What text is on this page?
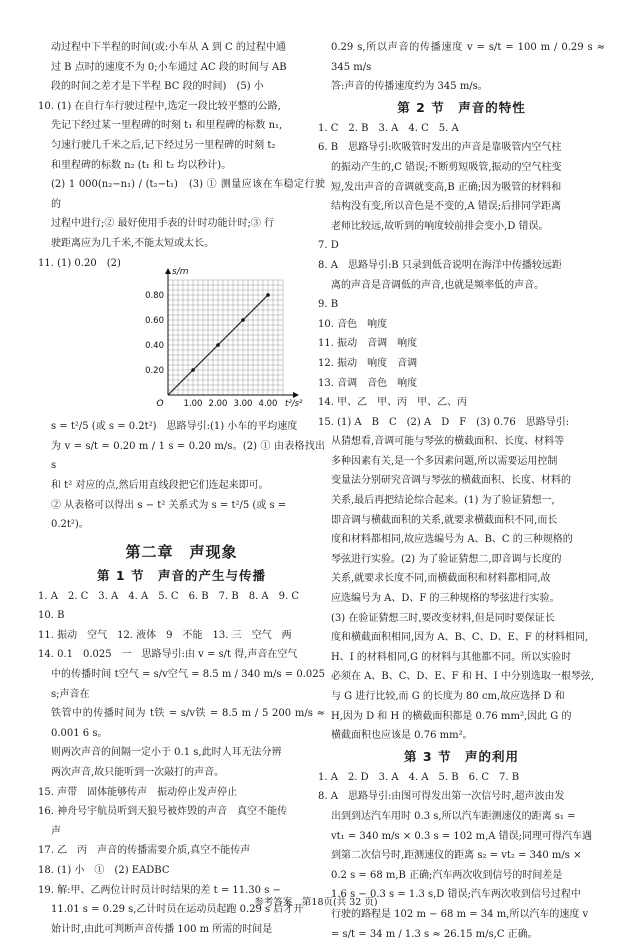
动过程中下半程的时间(或:小车从 A 到 C 的过程中通

过 B 点时的速度不为 0;小车通过 AC 段的时间与 AB

段的时间之差才是下半程 BC 段的时间)　(5) 小

10. (1) 在自行车行驶过程中,选定一段比较平整的公路,

先记下经过某一里程碑的时刻 t₁ 和里程碑的标数 n₁,

匀速行驶几千米之后,记下经过另一里程碑的时刻 t₂

和里程碑的标数 n₂ (t₁ 和 t₂ 均以秒计)。

(2) 1 000(n₂−n₁) / (t₂−t₁)　(3) ① 测量应该在车稳定行驶的

过程中进行;② 最好使用手表的计时功能计时;③ 行

驶距离应为几千米,不能太短或太长。

11. (1) 0.20　(2)

1.00 2.00 3.00 4.00
0.20
0.40
0.60
0.80
O
s/m
t²/s²

s = t²/5 (或 s = 0.2t²)　思路导引:(1) 小车的平均速度

为 v = s/t = 0.20 m / 1 s = 0.20 m/s。(2) ① 由表格找出 s

和 t² 对应的点,然后用直线段把它们连起来即可。

② 从表格可以得出 s − t² 关系式为 s = t²/5 (或 s =

0.2t²)。

第二章　声现象

第 1 节　声音的产生与传播

1. A　2. C　3. A　4. A　5. C　6. B　7. B　8. A　9. C

10. B

11. 振动　空气　12. 液体　9　不能　13. 三　空气　两

14. 0.1　0.025　一　思路导引:由 v = s/t 得,声音在空气

中的传播时间 t空气 = s/v空气 = 8.5 m / 340 m/s = 0.025 s;声音在

铁管中的传播时间为 t铁 = s/v铁 = 8.5 m / 5 200 m/s ≈ 0.001 6 s。

则两次声音的间隔一定小于 0.1 s,此时人耳无法分辨

两次声音,故只能听到一次敲打的声音。

15. 声带　固体能够传声　振动停止发声停止

16. 神舟号宇航员听到天狼号被炸毁的声音　真空不能传

声

17. 乙　丙　声音的传播需要介质,真空不能传声

18. (1) 小　①　(2) EADBC

19. 解:甲、乙两位计时员计时结果的差 t = 11.30 s −

11.01 s = 0.29 s,乙计时员在运动员起跑 0.29 s 后才开

始计时,由此可判断声音传播 100 m 所需的时间是

0.29 s,所以声音的传播速度 v = s/t = 100 m / 0.29 s ≈ 345 m/s

答:声音的传播速度约为 345 m/s。

第 2 节　声音的特性

1. C　2. B　3. A　4. C　5. A

6. B　思路导引:吹吸管时发出的声音是靠吸管内空气柱

的振动产生的,C 错误;不断剪短吸管,振动的空气柱变

短,发出声音的音调就变高,B 正确;因为吸管的材料和

结构没有变,所以音色是不变的,A 错误;后排同学距离

老师比较远,故听到的响度较前排会变小,D 错误。

7. D

8. A　思路导引:B 只录到低音说明在海洋中传播较远距

离的声音是音调低的声音,也就是频率低的声音。

9. B

10. 音色　响度

11. 振动　音调　响度

12. 振动　响度　音调

13. 音调　音色　响度

14. 甲、乙　甲、丙　甲、乙、丙

15. (1) A　B　C　(2) A　D　F　(3) 0.76　思路导引:

从猜想看,音调可能与琴弦的横截面积、长度、材料等

多种因素有关,是一个多因素问题,所以需要运用控制

变量法分别研究音调与琴弦的横截面积、长度、材料的

关系,最后再把结论综合起来。(1) 为了验证猜想一,

即音调与横截面积的关系,就要求横截面积不同,而长

度和材料都相同,故应选编号为 A、B、C 的三种规格的

琴弦进行实验。(2) 为了验证猜想二,即音调与长度的

关系,就要求长度不同,而横截面积和材料都相同,故

应选编号为 A、D、F 的三种规格的琴弦进行实验。

(3) 在验证猜想三时,要改变材料,但是同时要保证长

度和横截面积相同,因为 A、B、C、D、E、F 的材料相同,

H、I 的材料相同,G 的材料与其他都不同。所以实验时

必须在 A、B、C、D、E、F 和 H、I 中分别选取一根琴弦,

与 G 进行比较,而 G 的长度为 80 cm,故应选择 D 和

H,因为 D 和 H 的横截面积都是 0.76 mm²,因此 G 的

横截面积也应该是 0.76 mm²。

第 3 节　声的利用

1. A　2. D　3. A　4. A　5. B　6. C　7. B

8. A　思路导引:由图可得发出第一次信号时,超声波由发

出到到达汽车用时 0.3 s,所以汽车距测速仪的距离 s₁ =

vt₁ = 340 m/s × 0.3 s = 102 m,A 错误;同理可得汽车遇

到第二次信号时,距测速仪的距离 s₂ = vt₂ = 340 m/s ×

0.2 s = 68 m,B 正确;汽车两次收到信号的时间差是

1.6 s − 0.3 s = 1.3 s,D 错误;汽车两次收到信号过程中

行驶的路程是 102 m − 68 m = 34 m,所以汽车的速度 v

= s/t = 34 m / 1.3 s ≈ 26.15 m/s,C 正确。

参考答案　第18页(共 32 页)
